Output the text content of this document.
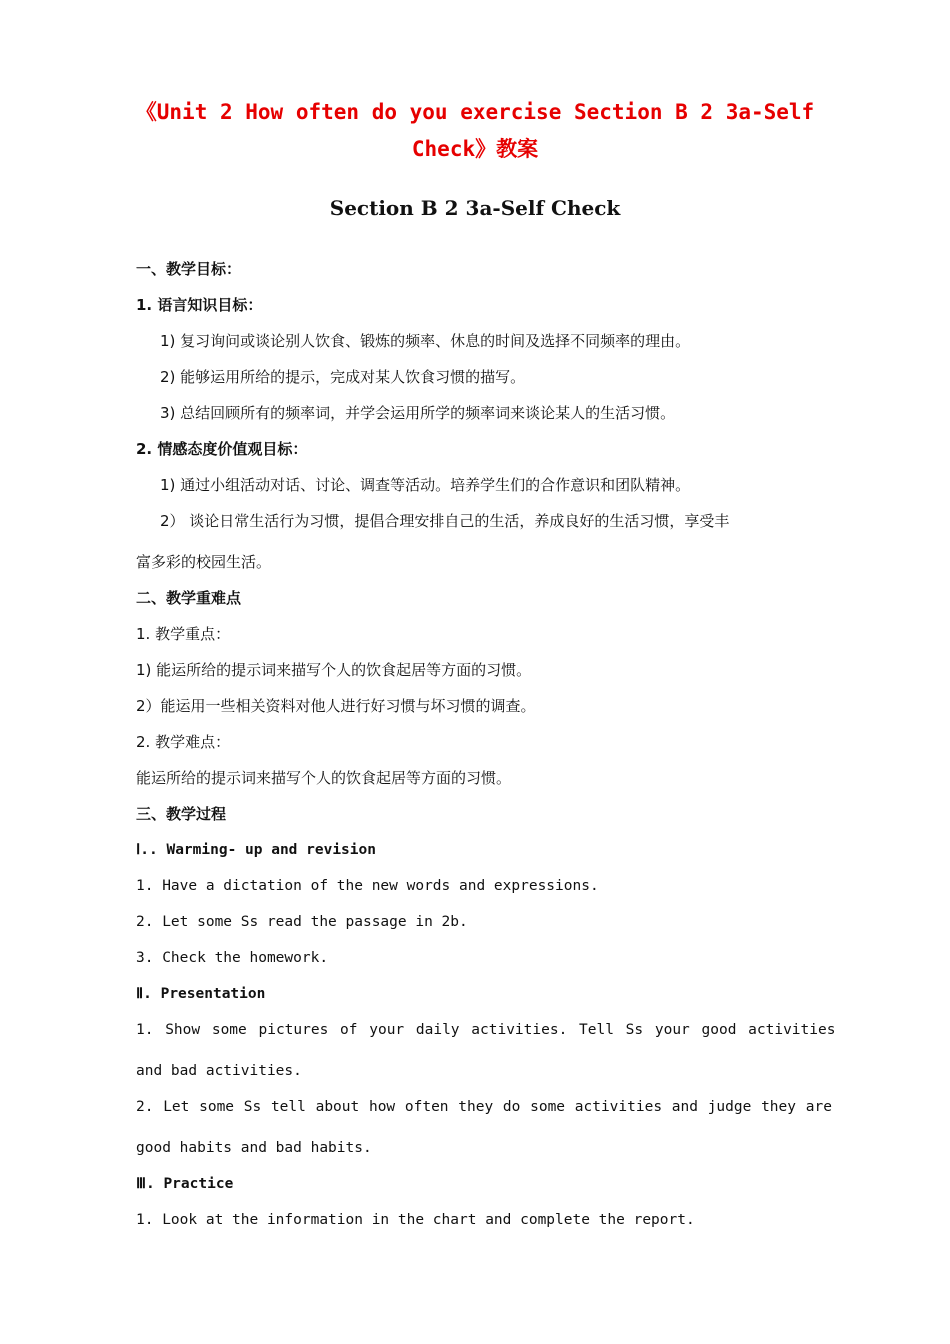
《Unit 2 How often do you exercise Section B 2 3a-Self
Check》教案
Section B 2 3a-Self Check
一、教学目标：
1. 语言知识目标：
1) 复习询问或谈论别人饮食、锻炼的频率、休息的时间及选择不同频率的理由。
2) 能够运用所给的提示，完成对某人饮食习惯的描写。
3) 总结回顾所有的频率词，并学会运用所学的频率词来谈论某人的生活习惯。
2. 情感态度价值观目标：
1) 通过小组活动对话、讨论、调查等活动。培养学生们的合作意识和团队精神。
2） 谈论日常生活行为习惯，提倡合理安排自己的生活，养成良好的生活习惯，享受丰
富多彩的校园生活。
二、教学重难点
1. 教学重点：
1) 能运所给的提示词来描写个人的饮食起居等方面的习惯。
2）能运用一些相关资料对他人进行好习惯与坏习惯的调查。
2. 教学难点：
能运所给的提示词来描写个人的饮食起居等方面的习惯。
三、教学过程
Ⅰ.. Warming- up and revision
1. Have a dictation of the new words and expressions.
2. Let some Ss read the passage in 2b.
3. Check the homework.
Ⅱ. Presentation
1. Show some pictures of your daily activities. Tell Ss your good activities
and bad activities.
2. Let some Ss tell about how often they do some activities and judge they are
good habits and bad habits.
Ⅲ. Practice
1. Look at the information in the chart and complete the report.
